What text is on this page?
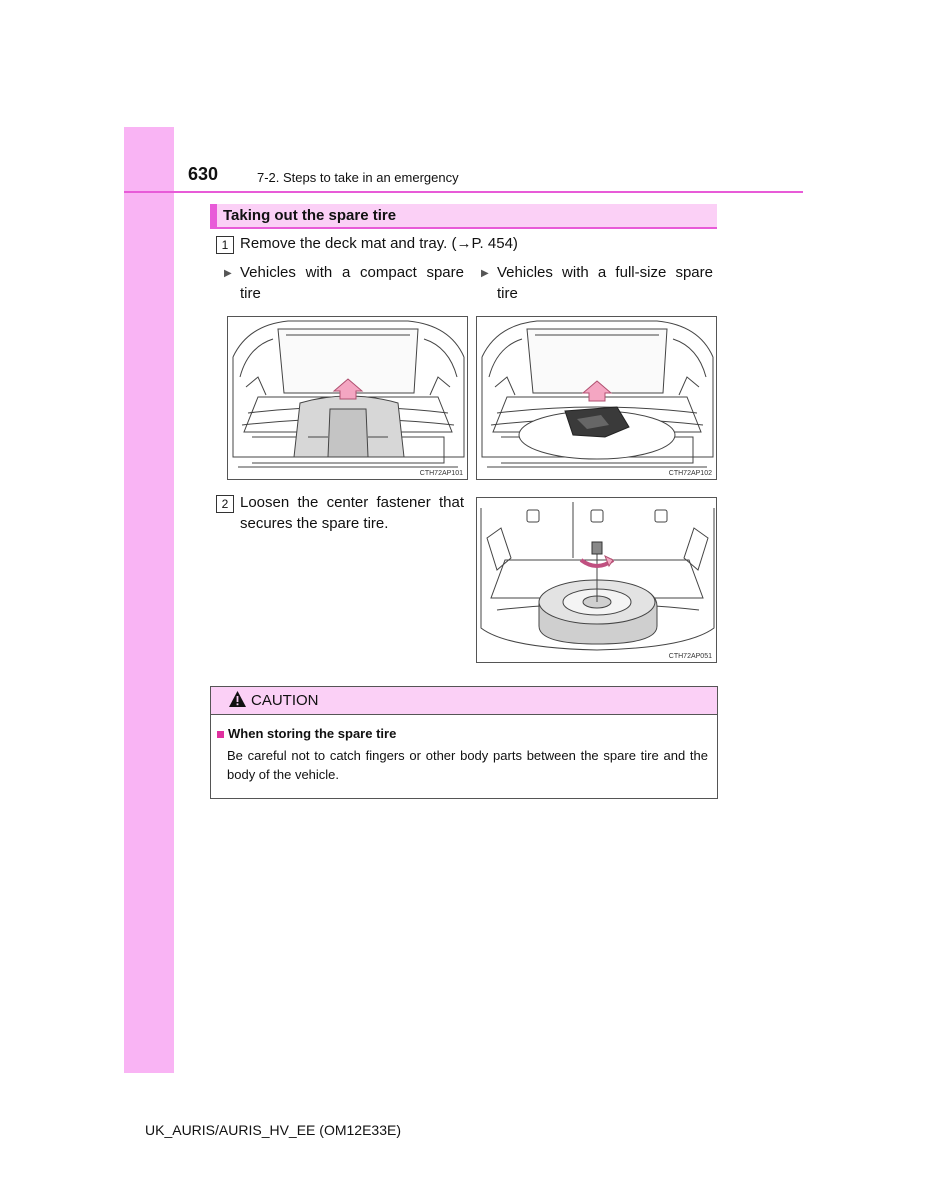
630	7-2. Steps to take in an emergency
Taking out the spare tire
1 Remove the deck mat and tray. (→P. 454)
▶ Vehicles with a compact spare
tire
▶ Vehicles with a full-size spare
tire
CTH72AP101	CTH72AP102
2 Loosen the center fastener that
secures the spare tire.
CTH72AP051
CAUTION
When storing the spare tire
Be careful not to catch fingers or other body parts between the spare tire and the body of the vehicle.
UK_AURIS/AURIS_HV_EE (OM12E33E)
